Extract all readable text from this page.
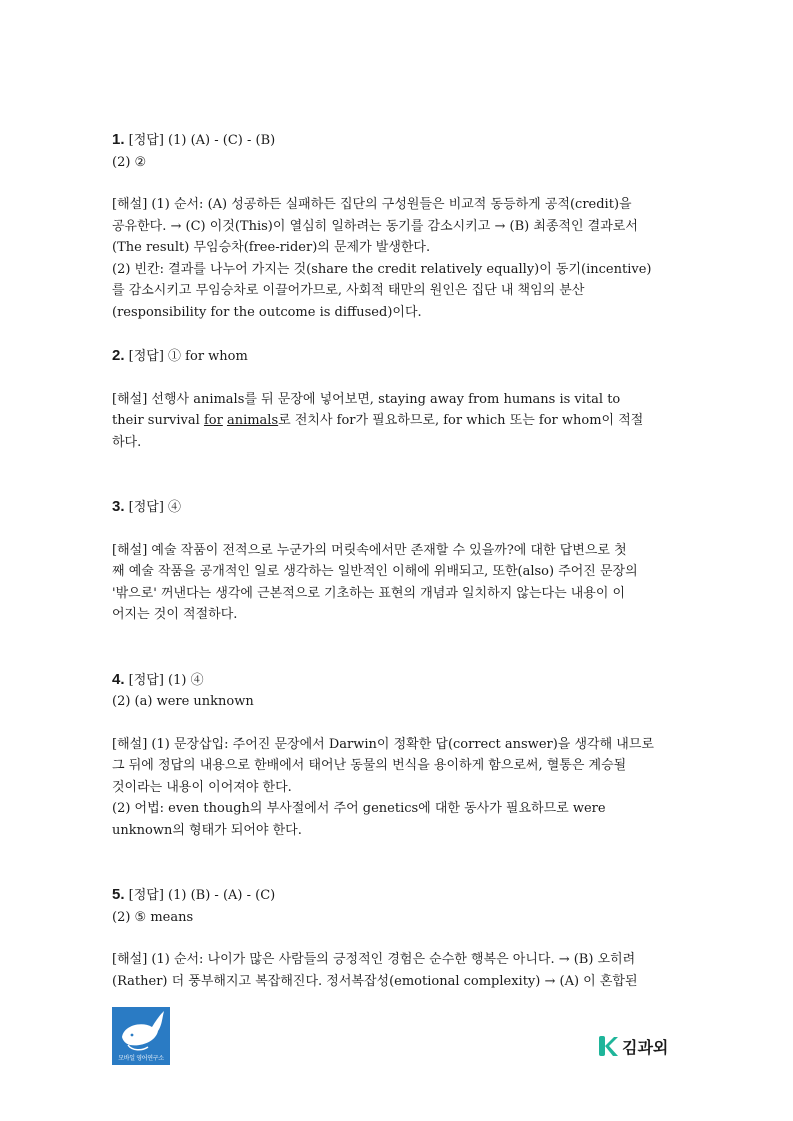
1. [정답] (1) (A) - (C) - (B)

(2) ②

[해설] (1) 순서: (A) 성공하든 실패하든 집단의 구성원들은 비교적 동등하게 공적(credit)을

공유한다. → (C) 이것(This)이 열심히 일하려는 동기를 감소시키고 → (B) 최종적인 결과로서

(The result) 무임승차(free-rider)의 문제가 발생한다.

(2) 빈칸: 결과를 나누어 가지는 것(share the credit relatively equally)이 동기(incentive)

를 감소시키고 무임승차로 이끌어가므로, 사회적 태만의 원인은 집단 내 책임의 분산

(responsibility for the outcome is diffused)이다.

2. [정답] ① for whom

[해설] 선행사 animals를 뒤 문장에 넣어보면, staying away from humans is vital to

their survival for animals로 전치사 for가 필요하므로, for which 또는 for whom이 적절

하다.

3. [정답] ④

[해설] 예술 작품이 전적으로 누군가의 머릿속에서만 존재할 수 있을까?에 대한 답변으로 첫

째 예술 작품을 공개적인 일로 생각하는 일반적인 이해에 위배되고, 또한(also) 주어진 문장의

'밖으로' 꺼낸다는 생각에 근본적으로 기초하는 표현의 개념과 일치하지 않는다는 내용이 이

어지는 것이 적절하다.

4. [정답] (1) ④

(2) (a) were unknown

[해설] (1) 문장삽입: 주어진 문장에서 Darwin이 정확한 답(correct answer)을 생각해 내므로

그 뒤에 정답의 내용으로 한배에서 태어난 동물의 번식을 용이하게 함으로써, 혈통은 계승될

것이라는 내용이 이어져야 한다.

(2) 어법: even though의 부사절에서 주어 genetics에 대한 동사가 필요하므로 were

unknown의 형태가 되어야 한다.

5. [정답] (1) (B) - (A) - (C)

(2) ⑤ means

[해설] (1) 순서: 나이가 많은 사람들의 긍정적인 경험은 순수한 행복은 아니다. → (B) 오히려

(Rather) 더 풍부해지고 복잡해진다. 정서복잡성(emotional complexity) → (A) 이 혼합된

모바일 영어연구소
김과외
